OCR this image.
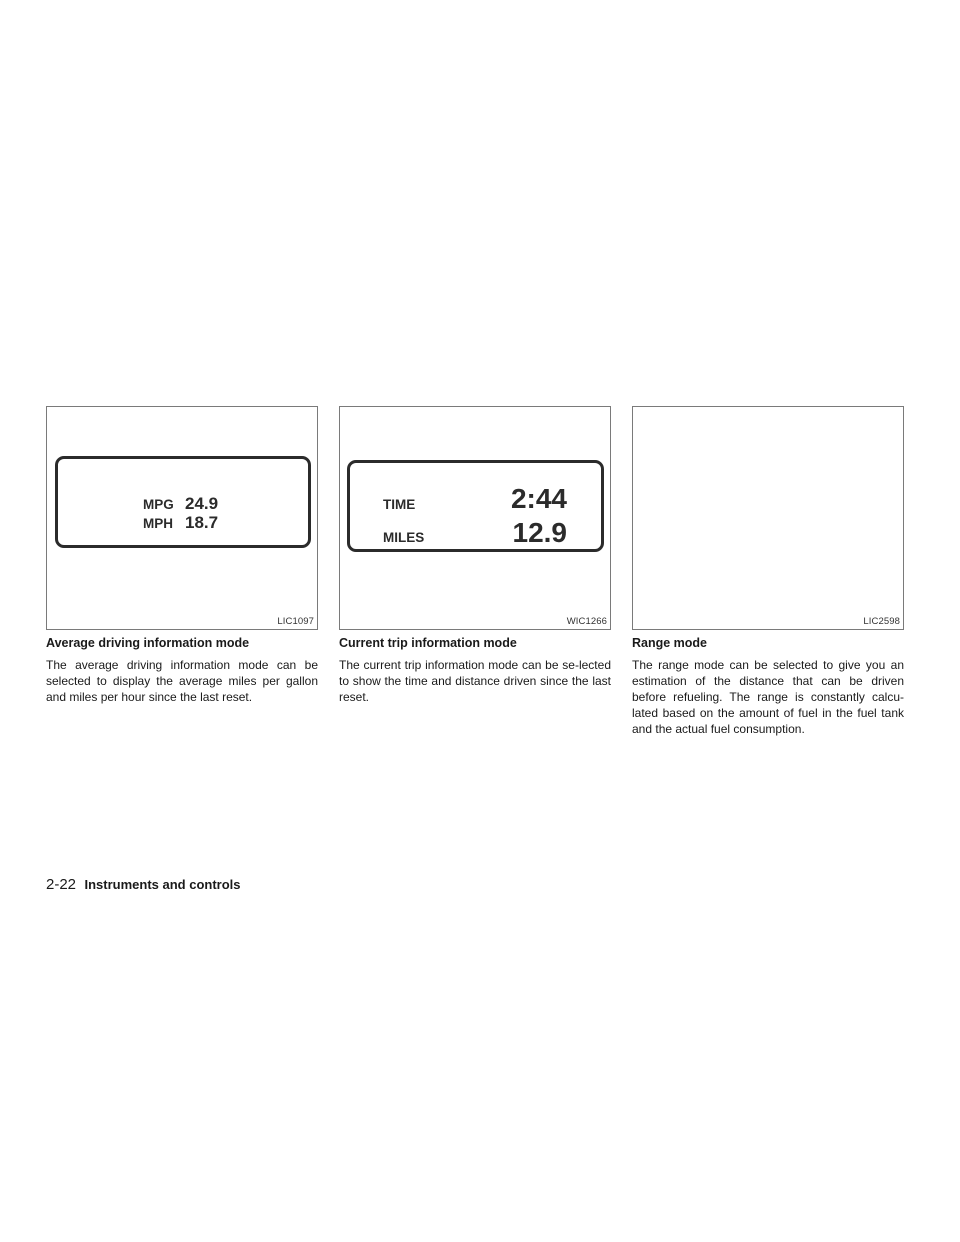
MPG 24.9
MPH 18.7
LIC1097
Average driving information mode

The average driving information mode can be selected to display the average miles per gallon and miles per hour since the last reset.

TIME	2:44
MILES	12.9
WIC1266
Current trip information mode

The current trip information mode can be se-lected to show the time and distance driven since the last reset.

LIC2598
Range mode

The range mode can be selected to give you an estimation of the distance that can be driven before refueling. The range is constantly calcu-lated based on the amount of fuel in the fuel tank and the actual fuel consumption.

2-22 Instruments and controls
